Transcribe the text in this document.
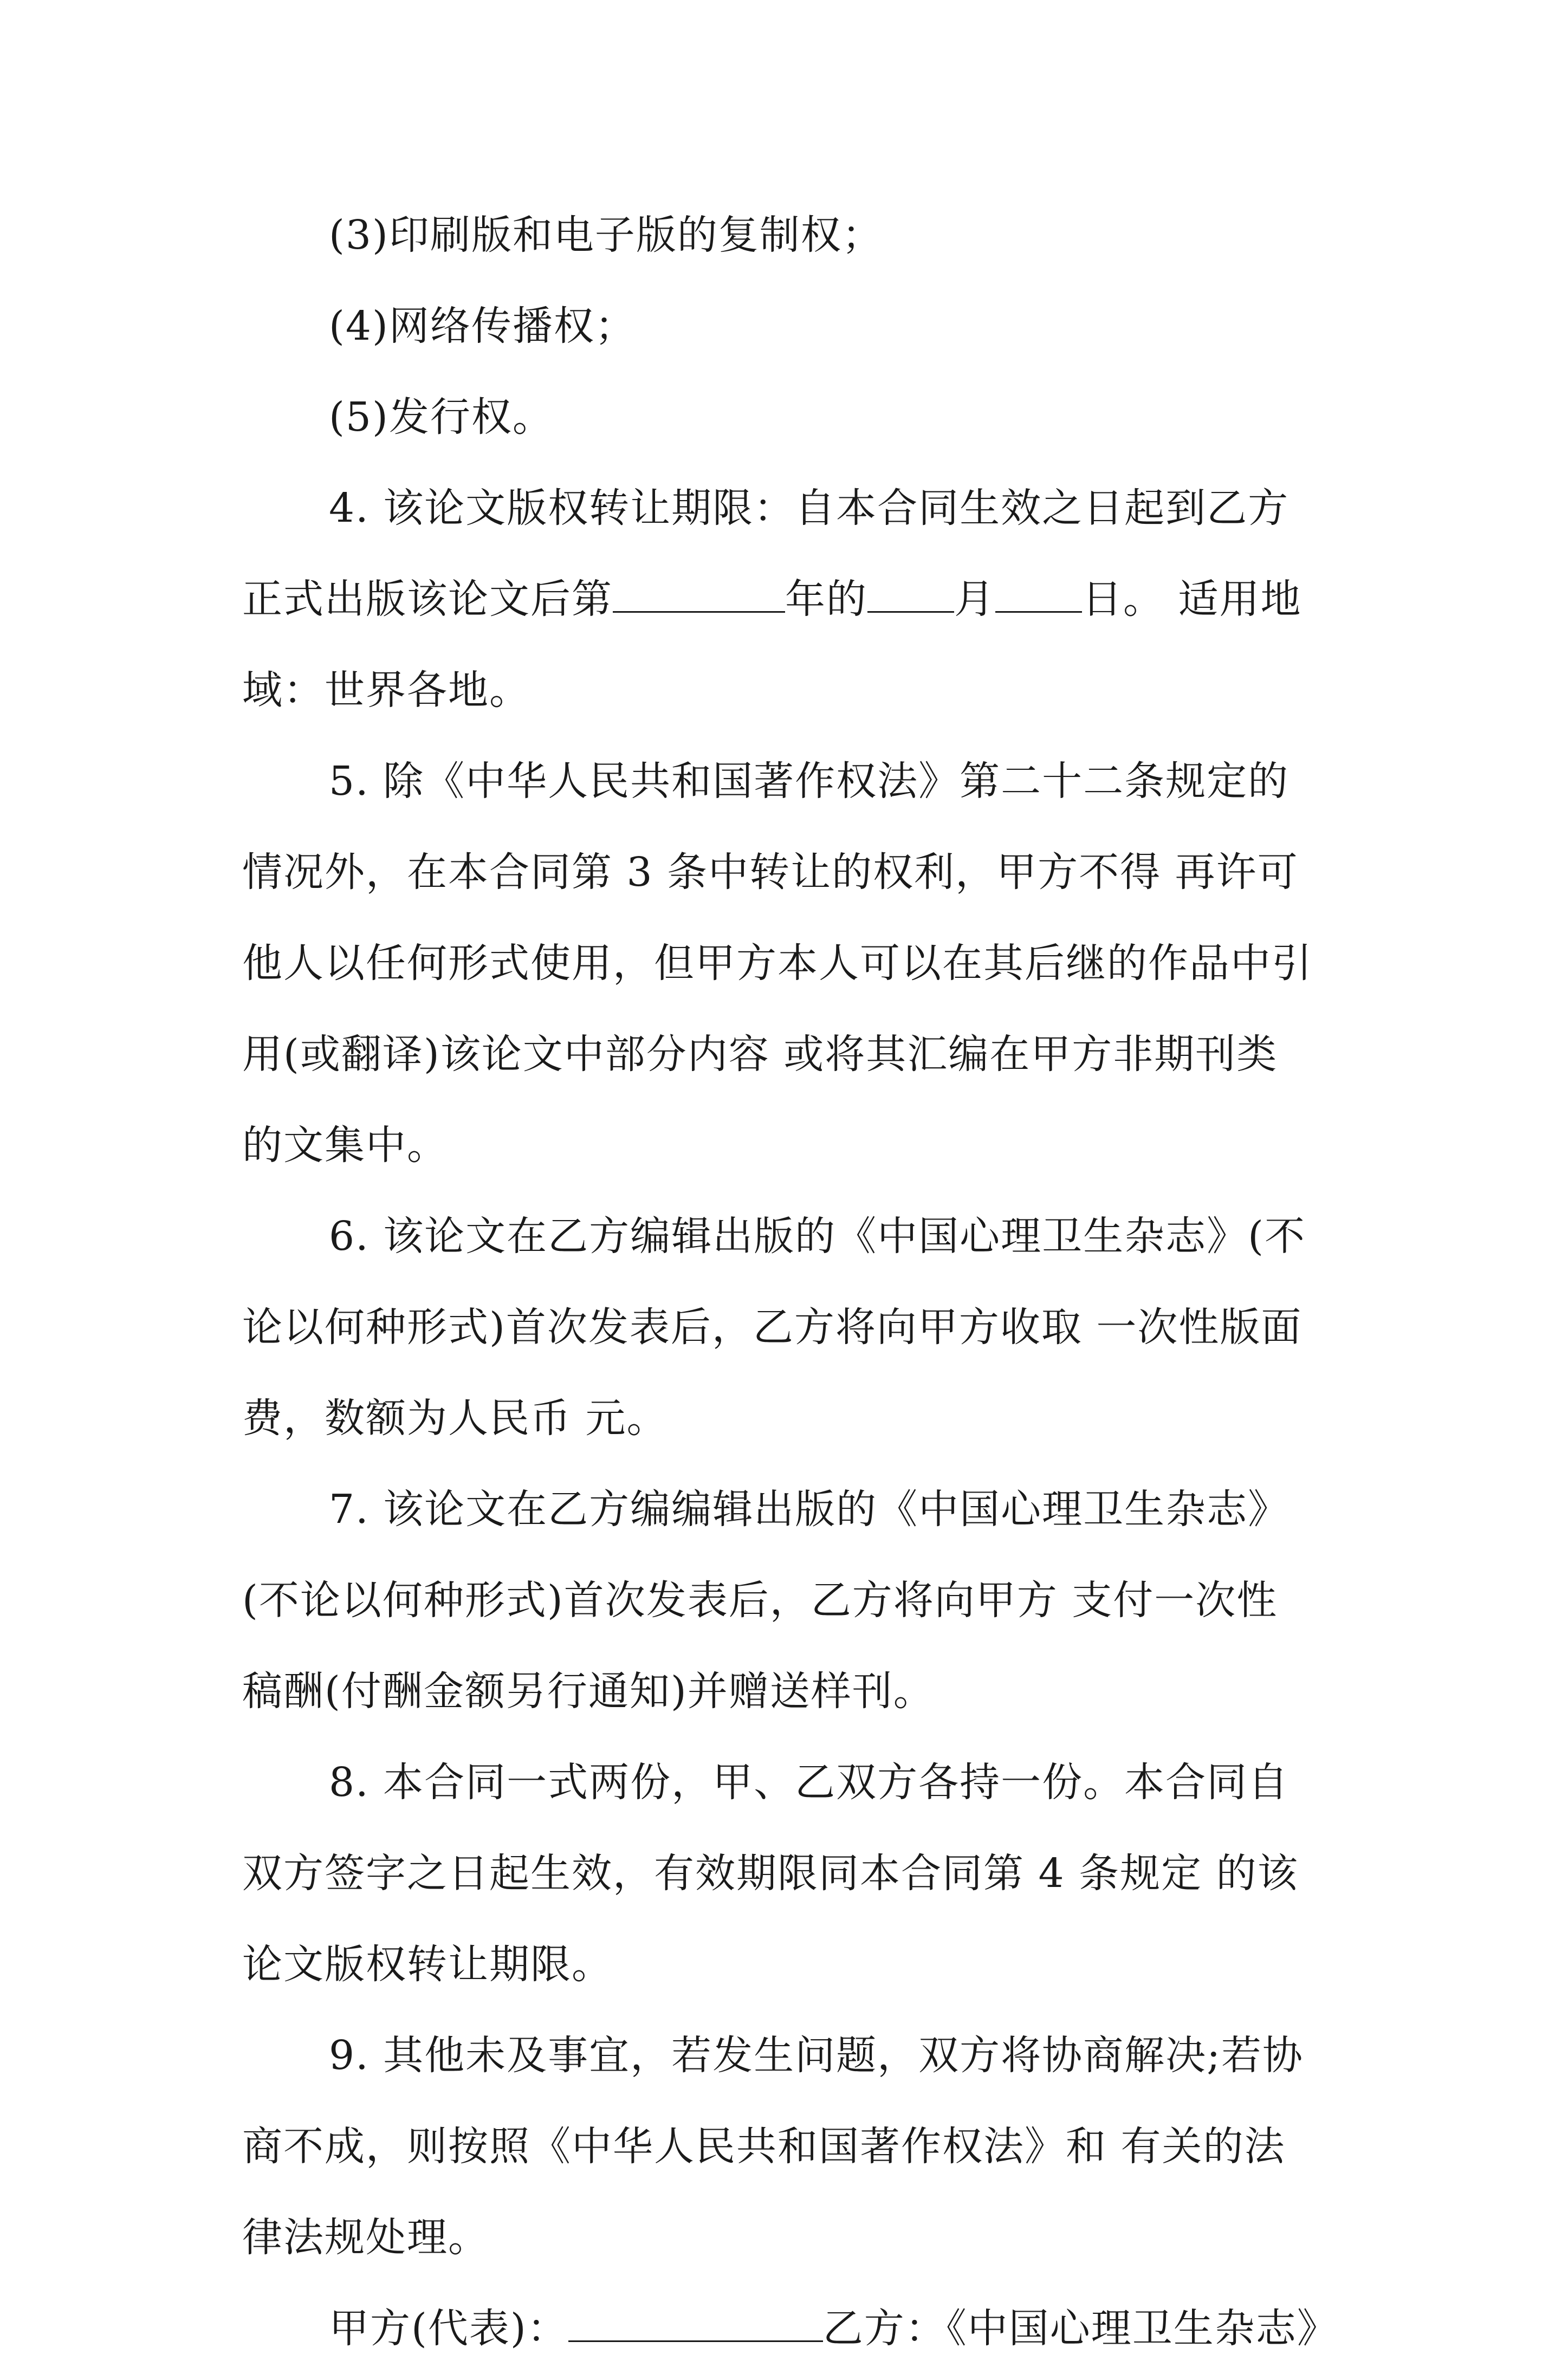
(3)印刷版和电子版的复制权；
(4)网络传播权；
(5)发行权。
4. 该论文版权转让期限：自本合同生效之日起到乙方
正式出版该论文后第	年的 月 日。 适用地
域：世界各地。
5. 除《中华人民共和国著作权法》第二十二条规定的
情况外，在本合同第 3 条中转让的权利，甲方不得 再许可
他人以任何形式使用，但甲方本人可以在其后继的作品中引
用(或翻译)该论文中部分内容 或将其汇编在甲方非期刊类
的文集中。
6. 该论文在乙方编辑出版的《中国心理卫生杂志》(不
论以何种形式)首次发表后，乙方将向甲方收取 一次性版面
费，数额为人民币 元。
7. 该论文在乙方编编辑出版的《中国心理卫生杂志》
(不论以何种形式)首次发表后，乙方将向甲方 支付一次性
稿酬(付酬金额另行通知)并赠送样刊。
8. 本合同一式两份，甲、乙双方各持一份。本合同自
双方签字之日起生效，有效期限同本合同第 4 条规定 的该
论文版权转让期限。
9. 其他未及事宜，若发生问题，双方将协商解决;若协
商不成，则按照《中华人民共和国著作权法》和 有关的法
律法规处理。
甲方(代表)：	乙方：《中国心理卫生杂志》
